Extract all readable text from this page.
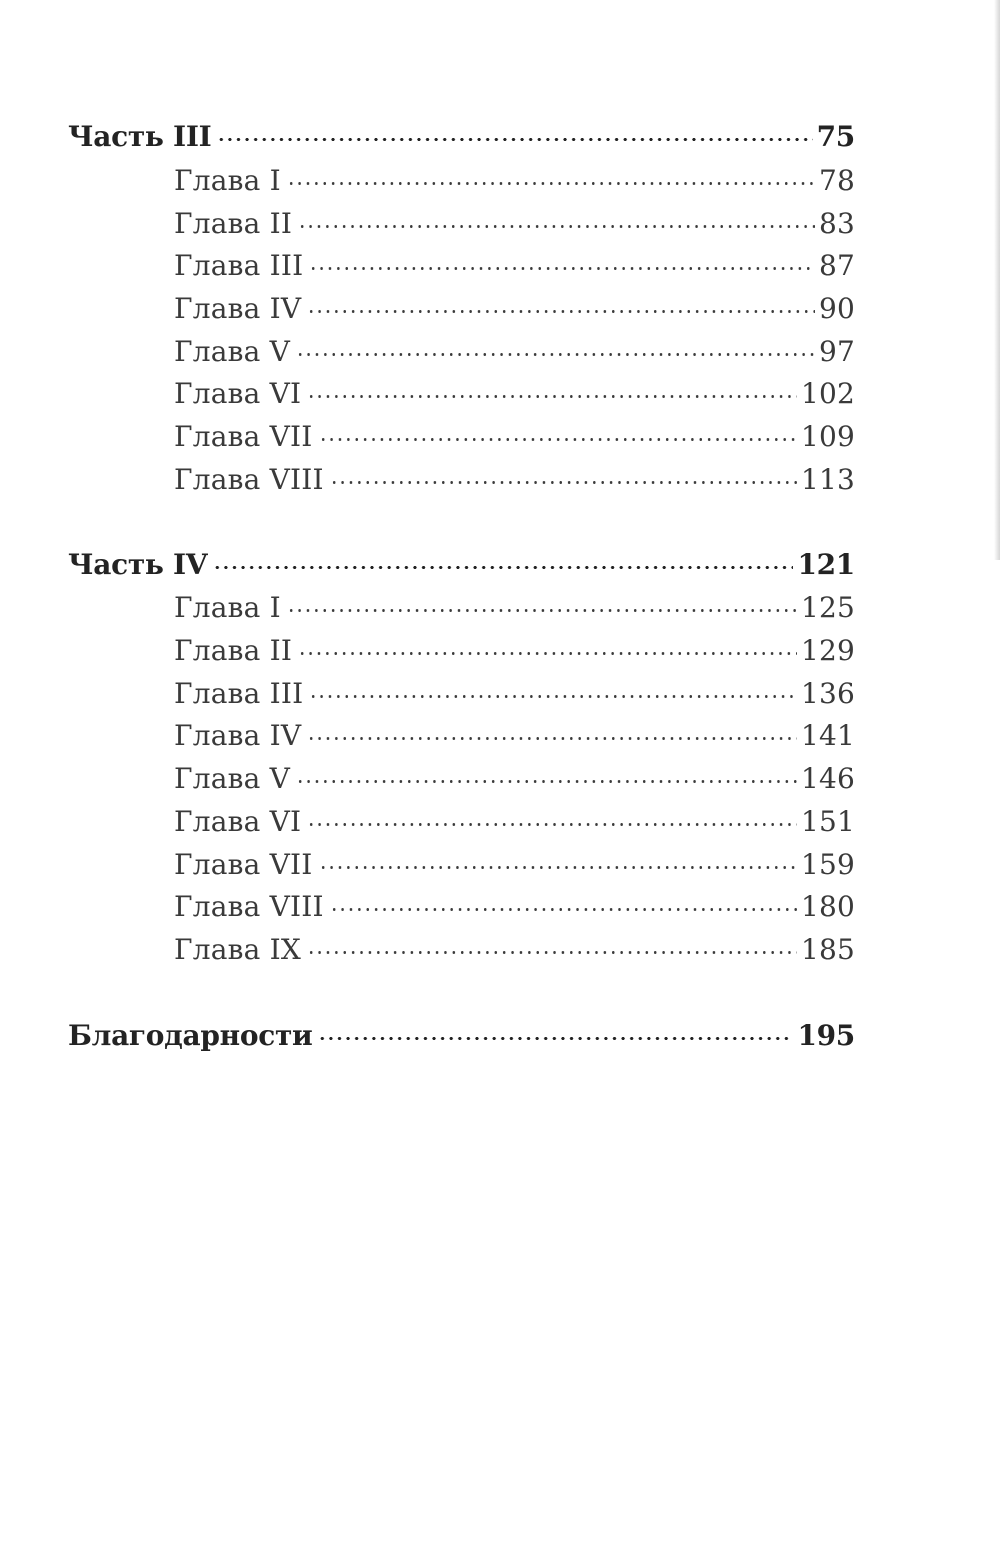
Часть III	75
Глава I	78
Глава II	83
Глава III	87
Глава IV	90
Глава V	97
Глава VI	102
Глава VII	109
Глава VIII	113
Часть IV	121
Глава I	125
Глава II	129
Глава III	136
Глава IV	141
Глава V	146
Глава VI	151
Глава VII	159
Глава VIII	180
Глава IX	185
Благодарности	195
